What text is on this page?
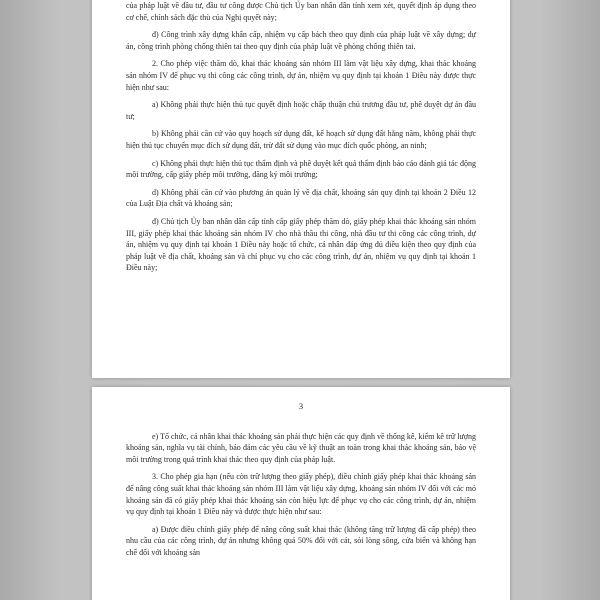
của pháp luật về đầu tư, đầu tư công được Chủ tịch Ủy ban nhân dân tỉnh xem xét, quyết định áp dụng theo cơ chế, chính sách đặc thù của Nghị quyết này;

đ) Công trình xây dựng khẩn cấp, nhiệm vụ cấp bách theo quy định của pháp luật về xây dựng; dự án, công trình phòng chống thiên tai theo quy định của pháp luật về phòng chống thiên tai.

2. Cho phép việc thăm dò, khai thác khoáng sản nhóm III làm vật liệu xây dựng, khai thác khoáng sản nhóm IV để phục vụ thi công các công trình, dự án, nhiệm vụ quy định tại khoản 1 Điều này được thực hiện như sau:

a) Không phải thực hiện thủ tục quyết định hoặc chấp thuận chủ trương đầu tư, phê duyệt dự án đầu tư;

b) Không phải căn cứ vào quy hoạch sử dụng đất, kế hoạch sử dụng đất hằng năm, không phải thực hiện thủ tục chuyển mục đích sử dụng đất, trừ đất sử dụng vào mục đích quốc phòng, an ninh;

c) Không phải thực hiện thủ tục thẩm định và phê duyệt kết quả thẩm định báo cáo đánh giá tác động môi trường, cấp giấy phép môi trường, đăng ký môi trường;

d) Không phải căn cứ vào phương án quản lý về địa chất, khoáng sản quy định tại khoản 2 Điều 12 của Luật Địa chất và khoáng sản;

đ) Chủ tịch Ủy ban nhân dân cấp tỉnh cấp giấy phép thăm dò, giấy phép khai thác khoáng sản nhóm III, giấy phép khai thác khoáng sản nhóm IV cho nhà thầu thi công, nhà đầu tư thi công các công trình, dự án, nhiệm vụ quy định tại khoản 1 Điều này hoặc tổ chức, cá nhân đáp ứng đủ điều kiện theo quy định của pháp luật về địa chất, khoáng sản và chỉ phục vụ cho các công trình, dự án, nhiệm vụ quy định tại khoản 1 Điều này;

3

e) Tổ chức, cá nhân khai thác khoáng sản phải thực hiện các quy định về thống kê, kiểm kê trữ lượng khoáng sản, nghĩa vụ tài chính, bảo đảm các yêu cầu về kỹ thuật an toàn trong khai thác khoáng sản, bảo vệ môi trường trong quá trình khai thác theo quy định của pháp luật.

3. Cho phép gia hạn (nếu còn trữ lượng theo giấy phép), điều chỉnh giấy phép khai thác khoáng sản để nâng công suất khai thác khoáng sản nhóm III làm vật liệu xây dựng, khoáng sản nhóm IV đối với các mỏ khoáng sản đã có giấy phép khai thác khoáng sản còn hiệu lực để phục vụ cho các công trình, dự án, nhiệm vụ quy định tại khoản 1 Điều này và được thực hiện như sau:

a) Được điều chỉnh giấy phép để nâng công suất khai thác (không tăng trữ lượng đã cấp phép) theo nhu cầu của các công trình, dự án nhưng không quá 50% đối với cát, sỏi lòng sông, cửa biển và không hạn chế đối với khoáng sản
